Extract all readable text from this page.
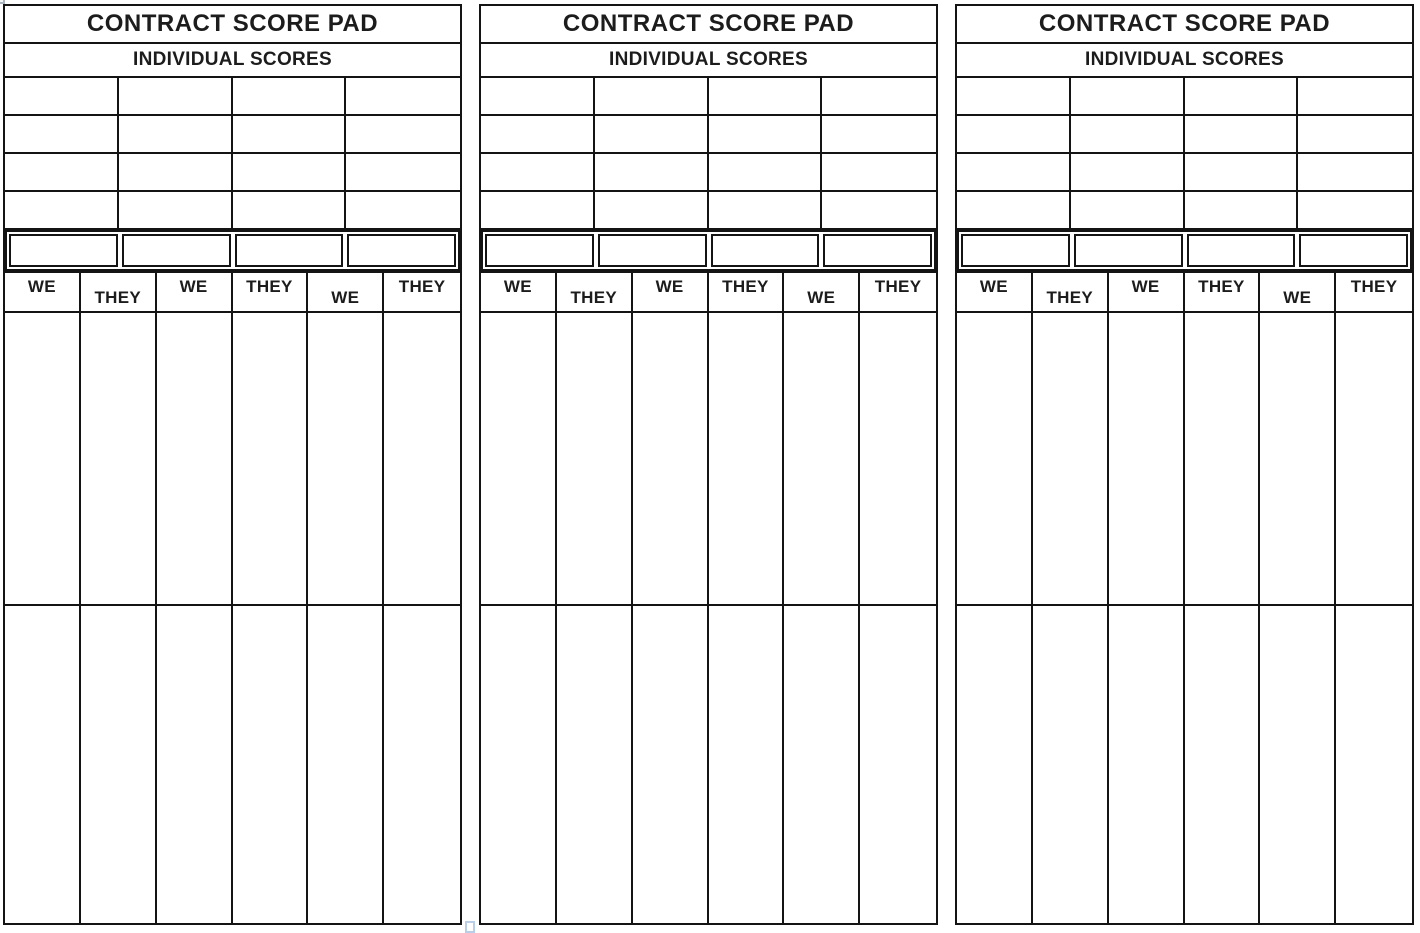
CONTRACT SCORE PAD
INDIVIDUAL SCORES
WE
THEY
WE THEY
WE
THEY
CONTRACT SCORE PAD
INDIVIDUAL SCORES
WE
THEY
WE THEY
WE
THEY
CONTRACT SCORE PAD
INDIVIDUAL SCORES
WE
THEY
WE THEY
WE
THEY
